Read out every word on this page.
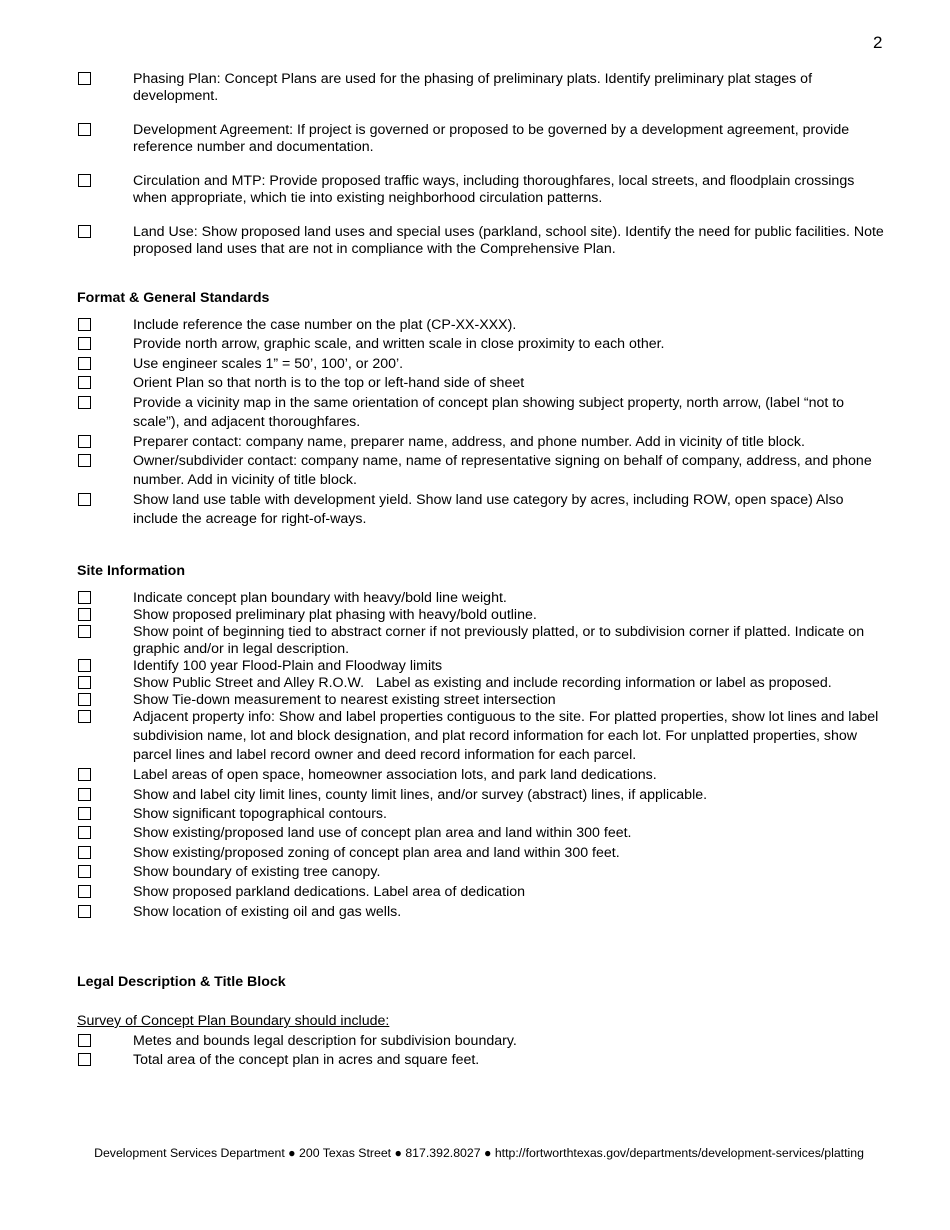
2
Phasing Plan: Concept Plans are used for the phasing of preliminary plats. Identify preliminary plat stages of development.
Development Agreement: If project is governed or proposed to be governed by a development agreement, provide reference number and documentation.
Circulation and MTP: Provide proposed traffic ways, including thoroughfares, local streets, and floodplain crossings when appropriate, which tie into existing neighborhood circulation patterns.
Land Use: Show proposed land uses and special uses (parkland, school site). Identify the need for public facilities. Note proposed land uses that are not in compliance with the Comprehensive Plan.
Format & General Standards
Include reference the case number on the plat (CP-XX-XXX).
Provide north arrow, graphic scale, and written scale in close proximity to each other.
Use engineer scales 1” = 50’, 100’, or 200’.
Orient Plan so that north is to the top or left-hand side of sheet
Provide a vicinity map in the same orientation of concept plan showing subject property, north arrow, (label “not to scale”), and adjacent thoroughfares.
Preparer contact: company name, preparer name, address, and phone number. Add in vicinity of title block.
Owner/subdivider contact: company name, name of representative signing on behalf of company, address, and phone number. Add in vicinity of title block.
Show land use table with development yield. Show land use category by acres, including ROW, open space) Also include the acreage for right-of-ways.
Site Information
Indicate concept plan boundary with heavy/bold line weight.
Show proposed preliminary plat phasing with heavy/bold outline.
Show point of beginning tied to abstract corner if not previously platted, or to subdivision corner if platted. Indicate on graphic and/or in legal description.
Identify 100 year Flood-Plain and Floodway limits
Show Public Street and Alley R.O.W.   Label as existing and include recording information or label as proposed.
Show Tie-down measurement to nearest existing street intersection
Adjacent property info: Show and label properties contiguous to the site. For platted properties, show lot lines and label subdivision name, lot and block designation, and plat record information for each lot. For unplatted properties, show parcel lines and label record owner and deed record information for each parcel.
Label areas of open space, homeowner association lots, and park land dedications.
Show and label city limit lines, county limit lines, and/or survey (abstract) lines, if applicable.
Show significant topographical contours.
Show existing/proposed land use of concept plan area and land within 300 feet.
Show existing/proposed zoning of concept plan area and land within 300 feet.
Show boundary of existing tree canopy.
Show proposed parkland dedications. Label area of dedication
Show location of existing oil and gas wells.
Legal Description & Title Block
Survey of Concept Plan Boundary should include:
Metes and bounds legal description for subdivision boundary.
Total area of the concept plan in acres and square feet.
Development Services Department ● 200 Texas Street ● 817.392.8027 ● http://fortworthtexas.gov/departments/development-services/platting
